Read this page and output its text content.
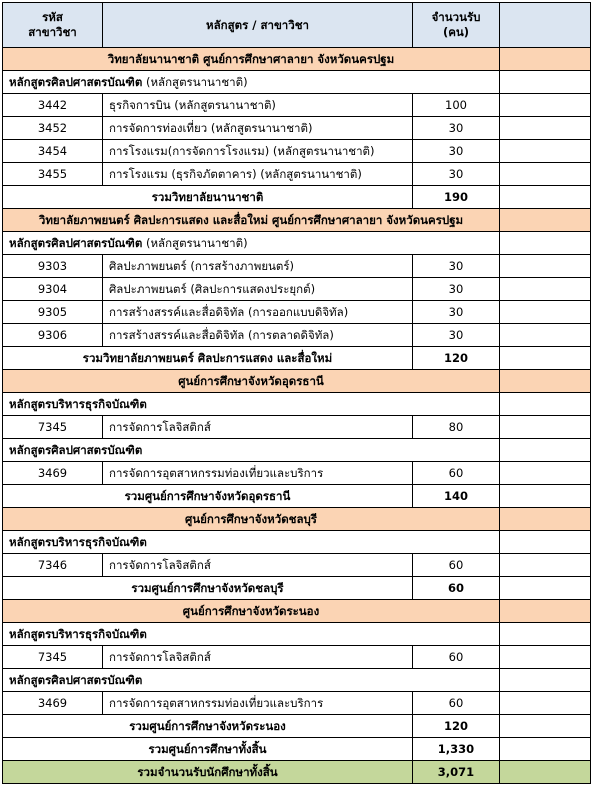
รหัส
สาขาวิชา	หลักสูตร / สาขาวิชา	จำนวนรับ
(คน)	
วิทยาลัยนานาชาติ ศูนย์การศึกษาศาลายา จังหวัดนครปฐม			
หลักสูตรศิลปศาสตรบัณฑิต (หลักสูตรนานาชาติ)			
3442	ธุรกิจการบิน (หลักสูตรนานาชาติ)	100	
3452	การจัดการท่องเที่ยว (หลักสูตรนานาชาติ)	30	
3454	การโรงแรม(การจัดการโรงแรม) (หลักสูตรนานาชาติ)	30	
3455	การโรงแรม (ธุรกิจภัตตาคาร) (หลักสูตรนานาชาติ)	30	
รวมวิทยาลัยนานาชาติ		190	
วิทยาลัยภาพยนตร์ ศิลปะการแสดง และสื่อใหม่ ศูนย์การศึกษาศาลายา จังหวัดนครปฐม			
หลักสูตรศิลปศาสตรบัณฑิต (หลักสูตรนานาชาติ)			
9303	ศิลปะภาพยนตร์ (การสร้างภาพยนตร์)	30	
9304	ศิลปะภาพยนตร์ (ศิลปะการแสดงประยุกต์)	30	
9305	การสร้างสรรค์และสื่อดิจิทัล (การออกแบบดิจิทัล)	30	
9306	การสร้างสรรค์และสื่อดิจิทัล (การตลาดดิจิทัล)	30	
รวมวิทยาลัยภาพยนตร์ ศิลปะการแสดง และสื่อใหม่		120	
ศูนย์การศึกษาจังหวัดอุดรธานี			
หลักสูตรบริหารธุรกิจบัณฑิต			
7345	การจัดการโลจิสติกส์	80	
หลักสูตรศิลปศาสตรบัณฑิต			
3469	การจัดการอุตสาหกรรมท่องเที่ยวและบริการ	60	
รวมศูนย์การศึกษาจังหวัดอุดรธานี		140	
ศูนย์การศึกษาจังหวัดชลบุรี			
หลักสูตรบริหารธุรกิจบัณฑิต			
7346	การจัดการโลจิสติกส์	60	
รวมศูนย์การศึกษาจังหวัดชลบุรี		60	
ศูนย์การศึกษาจังหวัดระนอง			
หลักสูตรบริหารธุรกิจบัณฑิต			
7345	การจัดการโลจิสติกส์	60	
หลักสูตรศิลปศาสตรบัณฑิต			
3469	การจัดการอุตสาหกรรมท่องเที่ยวและบริการ	60	
รวมศูนย์การศึกษาจังหวัดระนอง		120	
รวมศูนย์การศึกษาทั้งสิ้น		1,330	
รวมจำนวนรับนักศึกษาทั้งสิ้น		3,071	
